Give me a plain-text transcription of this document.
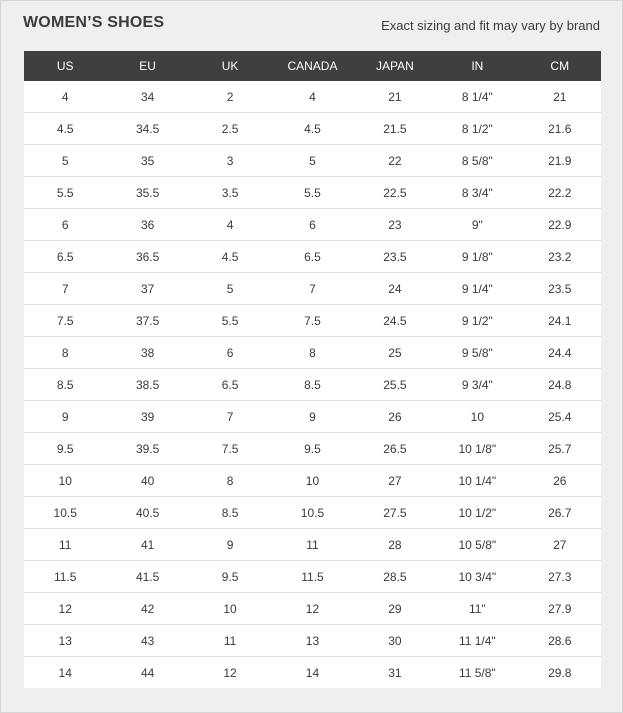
WOMEN’S SHOES	Exact sizing and fit may vary by brand
US	EU	UK	CANADA	JAPAN	IN	CM
4	34	2	4	21	8 1/4"	21
4.5	34.5	2.5	4.5	21.5	8 1/2"	21.6
5	35	3	5	22	8 5/8"	21.9
5.5	35.5	3.5	5.5	22.5	8 3/4"	22.2
6	36	4	6	23	9"	22.9
6.5	36.5	4.5	6.5	23.5	9 1/8"	23.2
7	37	5	7	24	9 1/4"	23.5
7.5	37.5	5.5	7.5	24.5	9 1/2"	24.1
8	38	6	8	25	9 5/8"	24.4
8.5	38.5	6.5	8.5	25.5	9 3/4"	24.8
9	39	7	9	26	10	25.4
9.5	39.5	7.5	9.5	26.5	10 1/8"	25.7
10	40	8	10	27	10 1/4"	26
10.5	40.5	8.5	10.5	27.5	10 1/2"	26.7
11	41	9	11	28	10 5/8"	27
11.5	41.5	9.5	11.5	28.5	10 3/4"	27.3
12	42	10	12	29	11"	27.9
13	43	11	13	30	11 1/4"	28.6
14	44	12	14	31	11 5/8"	29.8
